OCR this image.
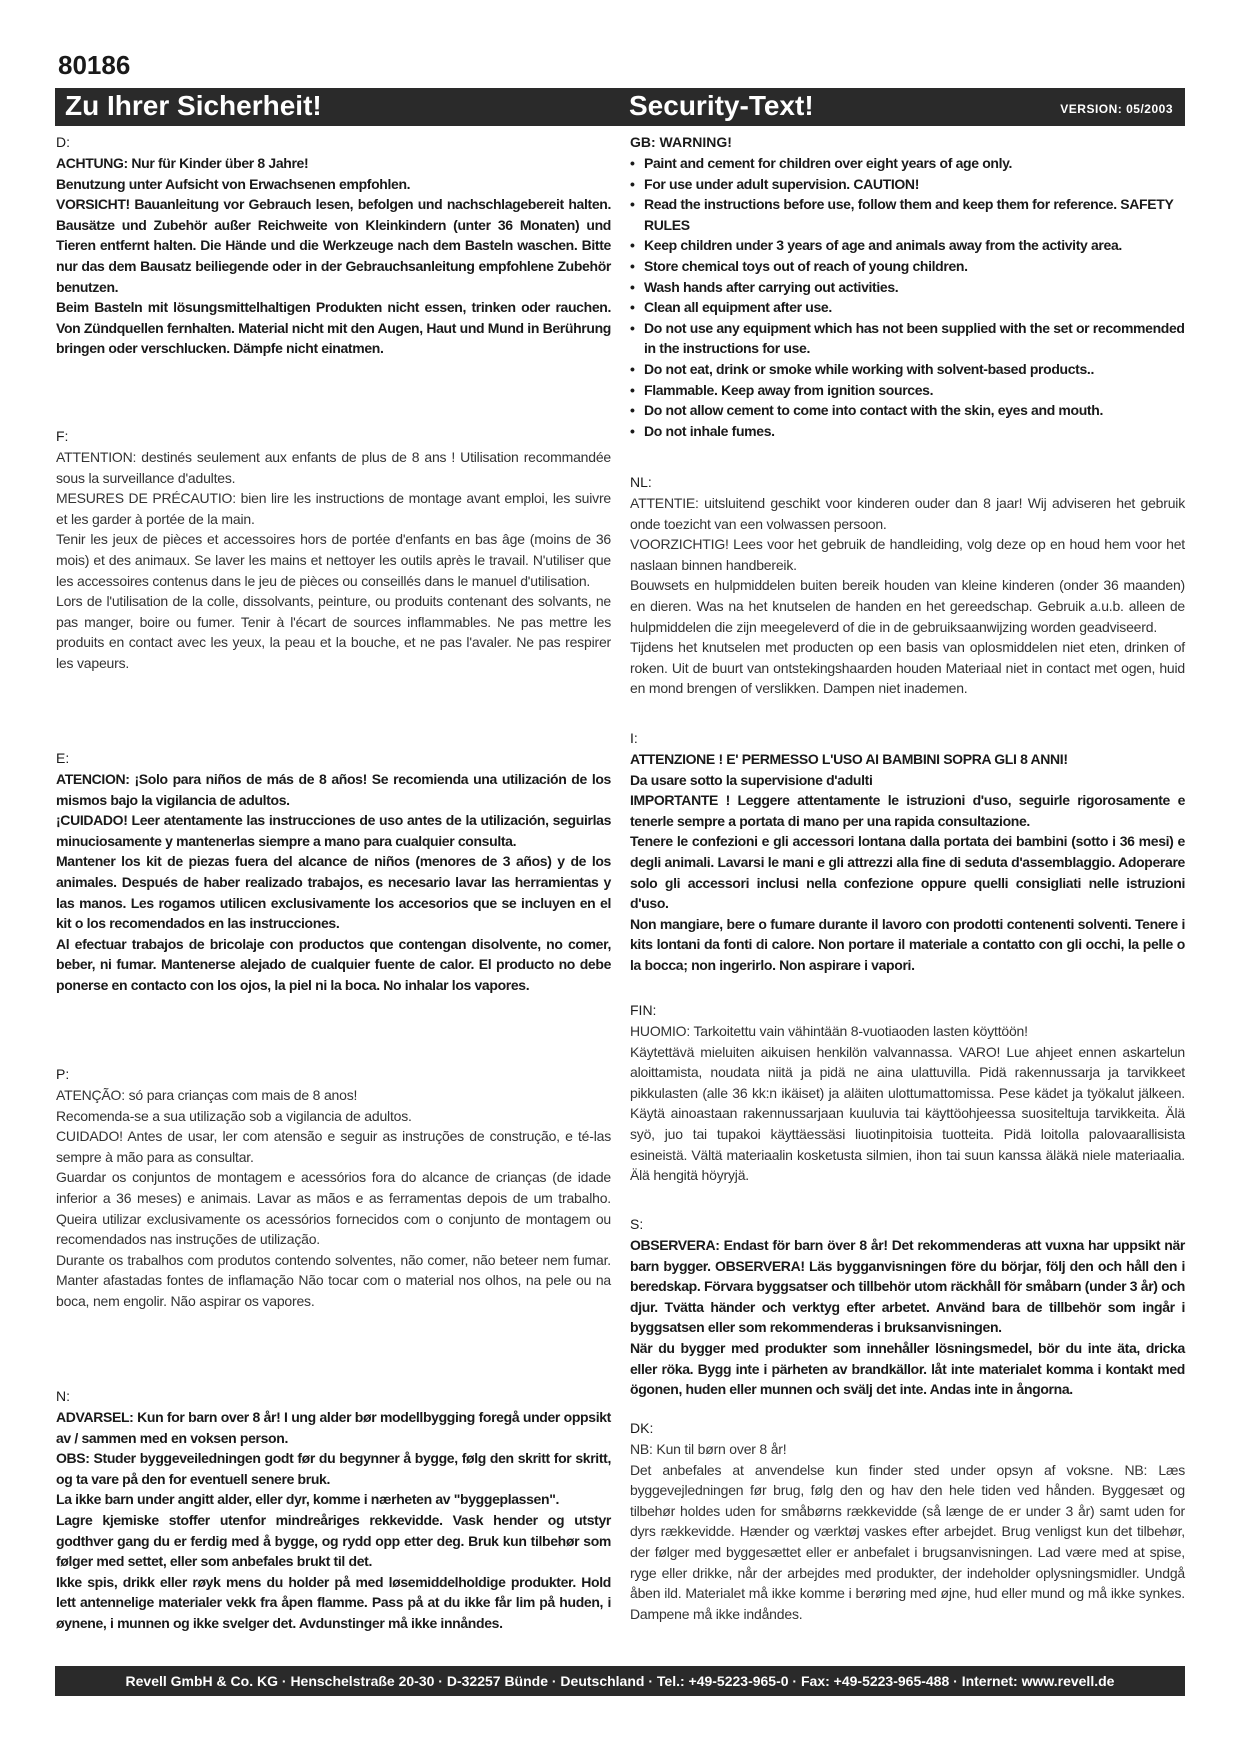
80186
Zu Ihrer Sicherheit!	Security-Text!	VERSION: 05/2003
D:

ACHTUNG: Nur für Kinder über 8 Jahre!

Benutzung unter Aufsicht von Erwachsenen empfohlen.

VORSICHT! Bauanleitung vor Gebrauch lesen, befolgen und nachschlagebereit halten. Bausätze und Zubehör außer Reichweite von Kleinkindern (unter 36 Monaten) und Tieren entfernt halten. Die Hände und die Werkzeuge nach dem Basteln waschen. Bitte nur das dem Bausatz beiliegende oder in der Gebrauchsanleitung empfohlene Zubehör benutzen.

Beim Basteln mit lösungsmittelhaltigen Produkten nicht essen, trinken oder rauchen. Von Zündquellen fernhalten. Material nicht mit den Augen, Haut und Mund in Berührung bringen oder verschlucken. Dämpfe nicht einatmen.

F:

ATTENTION: destinés seulement aux enfants de plus de 8 ans ! Utilisation recommandée sous la surveillance d'adultes.

MESURES DE PRÉCAUTIO: bien lire les instructions de montage avant emploi, les suivre et les garder à portée de la main.

Tenir les jeux de pièces et accessoires hors de portée d'enfants en bas âge (moins de 36 mois) et des animaux. Se laver les mains et nettoyer les outils après le travail. N'utiliser que les accessoires contenus dans le jeu de pièces ou conseillés dans le manuel d'utilisation.

Lors de l'utilisation de la colle, dissolvants, peinture, ou produits contenant des solvants, ne pas manger, boire ou fumer. Tenir à l'écart de sources inflammables. Ne pas mettre les produits en contact avec les yeux, la peau et la bouche, et ne pas l'avaler. Ne pas respirer les vapeurs.

E:

ATENCION: ¡Solo para niños de más de 8 años! Se recomienda una utilización de los mismos bajo la vigilancia de adultos.

¡CUIDADO! Leer atentamente las instrucciones de uso antes de la utilización, seguirlas minuciosamente y mantenerlas siempre a mano para cualquier consulta.

Mantener los kit de piezas fuera del alcance de niños (menores de 3 años) y de los animales. Después de haber realizado trabajos, es necesario lavar las herramientas y las manos. Les rogamos utilicen exclusivamente los accesorios que se incluyen en el kit o los recomendados en las instrucciones.

Al efectuar trabajos de bricolaje con productos que contengan disolvente, no comer, beber, ni fumar. Mantenerse alejado de cualquier fuente de calor. El producto no debe ponerse en contacto con los ojos, la piel ni la boca. No inhalar los vapores.

P:

ATENÇÃO: só para crianças com mais de 8 anos!

Recomenda-se a sua utilização sob a vigilancia de adultos.

CUIDADO! Antes de usar, ler com atensão e seguir as instruções de construção, e té-las sempre à mão para as consultar.

Guardar os conjuntos de montagem e acessórios fora do alcance de crianças (de idade inferior a 36 meses) e animais. Lavar as mãos e as ferramentas depois de um trabalho. Queira utilizar exclusivamente os acessórios fornecidos com o conjunto de montagem ou recomendados nas instruções de utilização.

Durante os trabalhos com produtos contendo solventes, não comer, não beteer nem fumar. Manter afastadas fontes de inflamação Não tocar com o material nos olhos, na pele ou na boca, nem engolir. Não aspirar os vapores.

N:

ADVARSEL: Kun for barn over 8 år! I ung alder bør modellbygging foregå under oppsikt av / sammen med en voksen person.

OBS: Studer byggeveiledningen godt før du begynner å bygge, følg den skritt for skritt, og ta vare på den for eventuell senere bruk.

La ikke barn under angitt alder, eller dyr, komme i nærheten av "byggeplassen".

Lagre kjemiske stoffer utenfor mindreåriges rekkevidde. Vask hender og utstyr godthver gang du er ferdig med å bygge, og rydd opp etter deg. Bruk kun tilbehør som følger med settet, eller som anbefales brukt til det.

Ikke spis, drikk eller røyk mens du holder på med løsemiddelholdige produkter. Hold lett antennelige materialer vekk fra åpen flamme. Pass på at du ikke får lim på huden, i øynene, i munnen og ikke svelger det. Avdunstinger må ikke innåndes.

GB: WARNING!
• Paint and cement for children over eight years of age only.
• For use under adult supervision. CAUTION!
• Read the instructions before use, follow them and keep them for reference. SAFETY RULES
• Keep children under 3 years of age and animals away from the activity area.
• Store chemical toys out of reach of young children.
• Wash hands after carrying out activities.
• Clean all equipment after use.
• Do not use any equipment which has not been supplied with the set or recommended in the instructions for use.
• Do not eat, drink or smoke while working with solvent-based products..
• Flammable. Keep away from ignition sources.
• Do not allow cement to come into contact with the skin, eyes and mouth.
• Do not inhale fumes.
NL:

ATTENTIE: uitsluitend geschikt voor kinderen ouder dan 8 jaar! Wij adviseren het gebruik onde toezicht van een volwassen persoon.

VOORZICHTIG! Lees voor het gebruik de handleiding, volg deze op en houd hem voor het naslaan binnen handbereik.

Bouwsets en hulpmiddelen buiten bereik houden van kleine kinderen (onder 36 maanden) en dieren. Was na het knutselen de handen en het gereedschap. Gebruik a.u.b. alleen de hulpmiddelen die zijn meegeleverd of die in de gebruiksaanwijzing worden geadviseerd.

Tijdens het knutselen met producten op een basis van oplosmiddelen niet eten, drinken of roken. Uit de buurt van ontstekingshaarden houden Materiaal niet in contact met ogen, huid en mond brengen of verslikken. Dampen niet inademen.

I:

ATTENZIONE ! E' PERMESSO L'USO AI BAMBINI SOPRA GLI 8 ANNI!

Da usare sotto la supervisione d'adulti

IMPORTANTE ! Leggere attentamente le istruzioni d'uso, seguirle rigorosamente e tenerle sempre a portata di mano per una rapida consultazione.

Tenere le confezioni e gli accessori lontana dalla portata dei bambini (sotto i 36 mesi) e degli animali. Lavarsi le mani e gli attrezzi alla fine di seduta d'assemblaggio. Adoperare solo gli accessori inclusi nella confezione oppure quelli consigliati nelle istruzioni d'uso.

Non mangiare, bere o fumare durante il lavoro con prodotti contenenti solventi. Tenere i kits lontani da fonti di calore. Non portare il materiale a contatto con gli occhi, la pelle o la bocca; non ingerirlo. Non aspirare i vapori.

FIN:

HUOMIO: Tarkoitettu vain vähintään 8-vuotiaoden lasten köyttöön!

Käytettävä mieluiten aikuisen henkilön valvannassa. VARO! Lue ahjeet ennen askartelun aloittamista, noudata niitä ja pidä ne aina ulattuvilla. Pidä rakennussarja ja tarvikkeet pikkulasten (alle 36 kk:n ikäiset) ja aläiten ulottumattomissa. Pese kädet ja työkalut jälkeen. Käytä ainoastaan rakennussarjaan kuuluvia tai käyttöohjeessa suositeltuja tarvikkeita. Älä syö, juo tai tupakoi käyttäessäsi liuotinpitoisia tuotteita. Pidä loitolla palovaarallisista esineistä. Vältä materiaalin kosketusta silmien, ihon tai suun kanssa äläkä niele materiaalia. Älä hengitä höyryjä.

S:

OBSERVERA: Endast för barn över 8 år! Det rekommenderas att vuxna har uppsikt när barn bygger. OBSERVERA! Läs bygganvisningen före du börjar, följ den och håll den i beredskap. Förvara byggsatser och tillbehör utom räckhåll för småbarn (under 3 år) och djur. Tvätta händer och verktyg efter arbetet. Använd bara de tillbehör som ingår i byggsatsen eller som rekommenderas i bruksanvisningen.

När du bygger med produkter som innehåller lösningsmedel, bör du inte äta, dricka eller röka. Bygg inte i pärheten av brandkällor. låt inte materialet komma i kontakt med ögonen, huden eller munnen och svälj det inte. Andas inte in ångorna.

DK:

NB: Kun til børn over 8 år!

Det anbefales at anvendelse kun finder sted under opsyn af voksne. NB: Læs byggevejledningen før brug, følg den og hav den hele tiden ved hånden. Byggesæt og tilbehør holdes uden for småbørns rækkevidde (så længe de er under 3 år) samt uden for dyrs rækkevidde. Hænder og værktøj vaskes efter arbejdet. Brug venligst kun det tilbehør, der følger med byggesættet eller er anbefalet i brugsanvisningen. Lad være med at spise, ryge eller drikke, når der arbejdes med produkter, der indeholder oplysningsmidler. Undgå åben ild. Materialet må ikke komme i berøring med øjne, hud eller mund og må ikke synkes. Dampene må ikke indåndes.

Revell GmbH & Co. KG · Henschelstraße 20-30 · D-32257 Bünde · Deutschland · Tel.: +49-5223-965-0 · Fax: +49-5223-965-488 · Internet: www.revell.de
